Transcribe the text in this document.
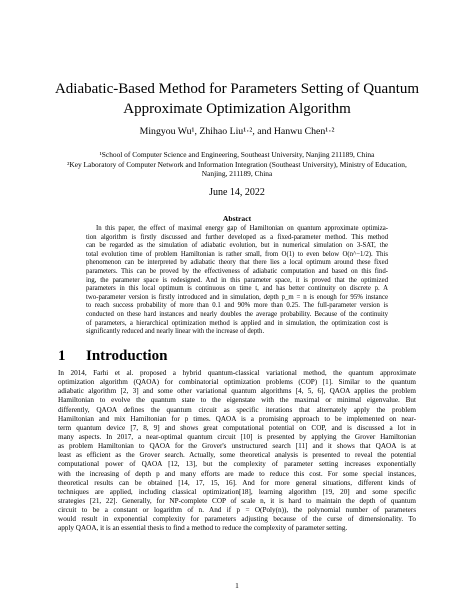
Adiabatic-Based Method for Parameters Setting of Quantum
Approximate Optimization Algorithm
Mingyou Wu¹, Zhihao Liu¹·², and Hanwu Chen¹·²
¹School of Computer Science and Engineering, Southeast University, Nanjing 211189, China
²Key Laboratory of Computer Network and Information Integration (Southeast University), Ministry of Education,
Nanjing, 211189, China
June 14, 2022
Abstract
In this paper, the effect of maximal energy gap of Hamiltonian on quantum approximate optimiza-
tion algorithm is firstly discussed and further developed as a fixed-parameter method. This method
can be regarded as the simulation of adiabatic evolution, but in numerical simulation on 3-SAT, the
total evolution time of problem Hamiltonian is rather small, from O(1) to even below O(n^−1/2). This
phenomenon can be interpreted by adiabatic theory that there lies a local optimum around these fixed
parameters. This can be proved by the effectiveness of adiabatic computation and based on this find-
ing, the parameter space is redesigned. And in this parameter space, it is proved that the optimized
parameters in this local optimum is continuous on time t, and has better continuity on discrete p. A
two-parameter version is firstly introduced and in simulation, depth p_m = n is enough for 95% instance
to reach success probability of more than 0.1 and 90% more than 0.25. The full-parameter version is
conducted on these hard instances and nearly doubles the average probability. Because of the continuity
of parameters, a hierarchical optimization method is applied and in simulation, the optimization cost is
significantly reduced and nearly linear with the increase of depth.
1 Introduction
In 2014, Farhi et al. proposed a hybrid quantum-classical variational method, the quantum approximate
optimization algorithm (QAOA) for combinatorial optimization problems (COP) [1]. Similar to the quantum
adiabatic algorithm [2, 3] and some other variational quantum algorithms [4, 5, 6], QAOA applies the problem
Hamiltonian to evolve the quantum state to the eigenstate with the maximal or minimal eigenvalue. But
differently, QAOA defines the quantum circuit as specific iterations that alternately apply the problem
Hamiltonian and mix Hamiltonian for p times. QAOA is a promising approach to be implemented on near-
term quantum device [7, 8, 9] and shows great computational potential on COP, and is discussed a lot in
many aspects. In 2017, a near-optimal quantum circuit [10] is presented by applying the Grover Hamiltonian
as problem Hamiltonian to QAOA for the Grover's unstructured search [11] and it shows that QAOA is at
least as efficient as the Grover search. Actually, some theoretical analysis is presented to reveal the potential
computational power of QAOA [12, 13], but the complexity of parameter setting increases exponentially
with the increasing of depth p and many efforts are made to reduce this cost. For some special instances,
theoretical results can be obtained [14, 17, 15, 16]. And for more general situations, different kinds of
techniques are applied, including classical optimization[18], learning algorithm [19, 20] and some specific
strategies [21, 22]. Generally, for NP-complete COP of scale n, it is hard to maintain the depth of quantum
circuit to be a constant or logarithm of n. And if p = O(Poly(n)), the polynomial number of parameters
would result in exponential complexity for parameters adjusting because of the curse of dimensionality. To
apply QAOA, it is an essential thesis to find a method to reduce the complexity of parameter setting.
1
